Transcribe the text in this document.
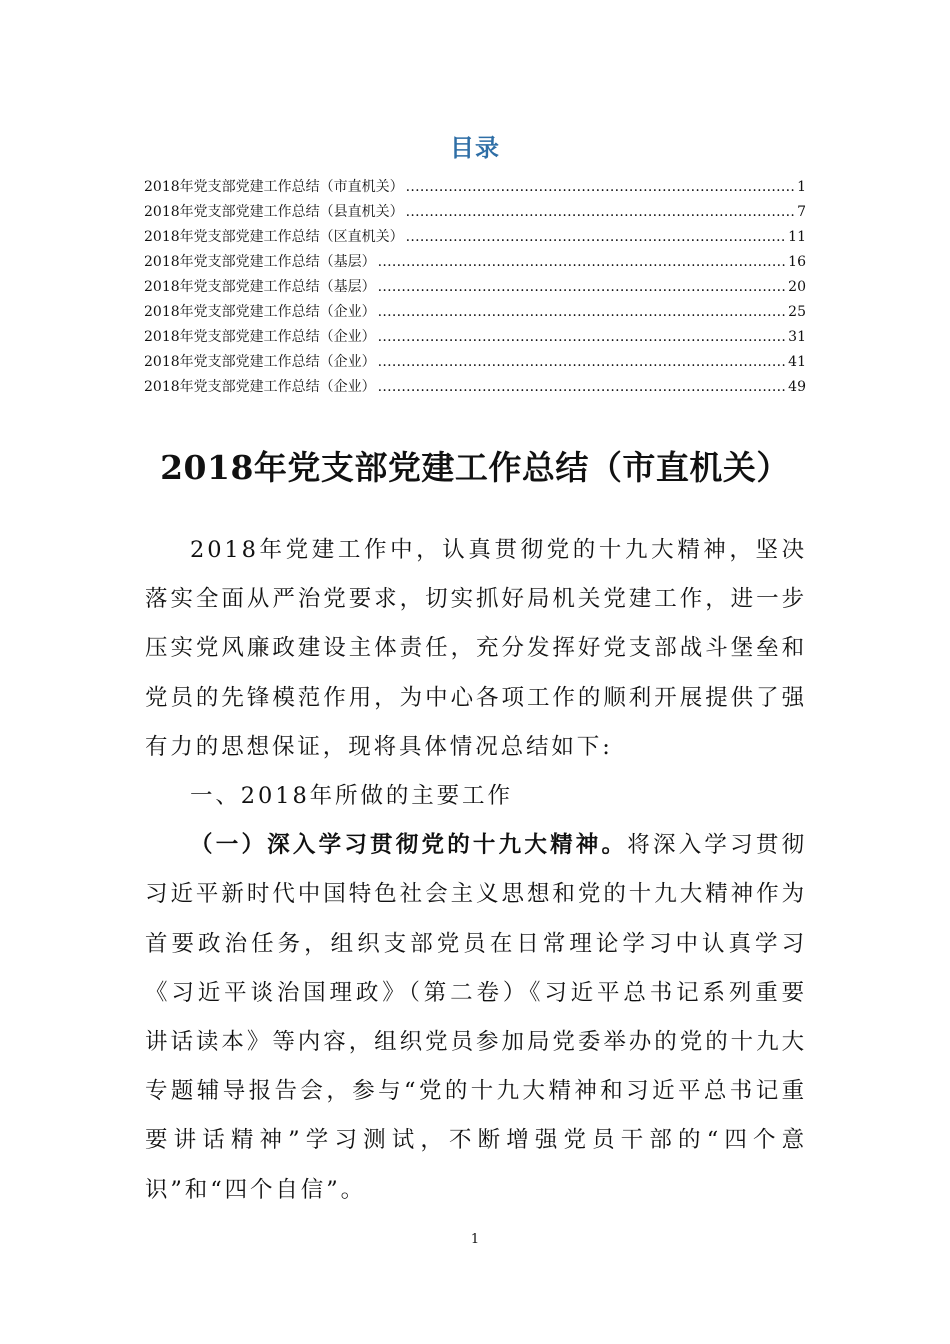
目录
2018年党支部党建工作总结（市直机关） .....	1
2018年党支部党建工作总结（县直机关） .....	7
2018年党支部党建工作总结（区直机关） .....	11
2018年党支部党建工作总结（基层） .....	16
2018年党支部党建工作总结（基层） .....	20
2018年党支部党建工作总结（企业） .....	25
2018年党支部党建工作总结（企业） .....	31
2018年党支部党建工作总结（企业） .....	41
2018年党支部党建工作总结（企业） .....	49
2018年党支部党建工作总结（市直机关）

2018年党建工作中，认真贯彻党的十九大精神，坚决落实全面从严治党要求，切实抓好局机关党建工作，进一步压实党风廉政建设主体责任，充分发挥好党支部战斗堡垒和党员的先锋模范作用，为中心各项工作的顺利开展提供了强有力的思想保证，现将具体情况总结如下:

一、2018年所做的主要工作

（一）深入学习贯彻党的十九大精神。将深入学习贯彻习近平新时代中国特色社会主义思想和党的十九大精神作为首要政治任务，组织支部党员在日常理论学习中认真学习《习近平谈治国理政》（第二卷）《习近平总书记系列重要讲话读本》等内容，组织党员参加局党委举办的党的十九大专题辅导报告会，参与“党的十九大精神和习近平总书记重要讲话精神”学习测试，不断增强党员干部的“四个意识”和“四个自信”。

1
